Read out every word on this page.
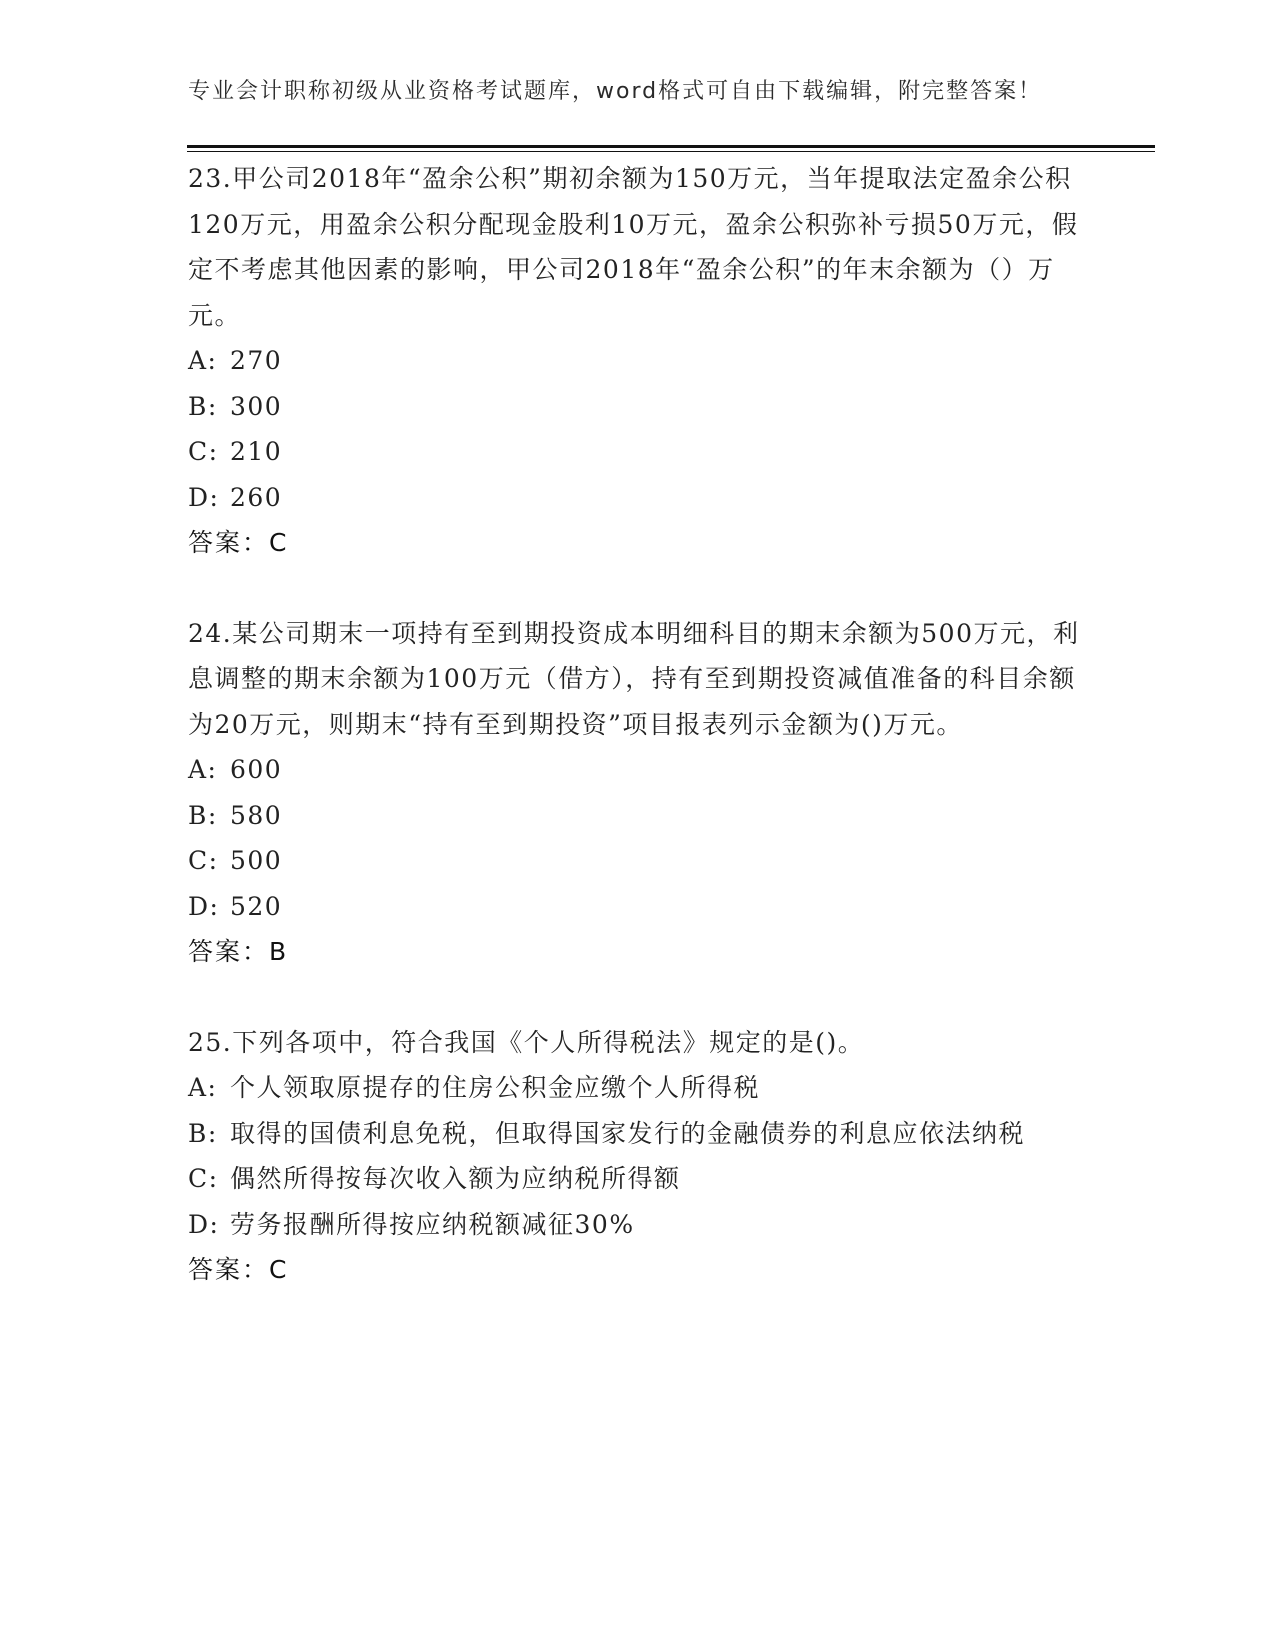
专业会计职称初级从业资格考试题库，word格式可自由下载编辑，附完整答案！

23.甲公司2018年“盈余公积”期初余额为150万元，当年提取法定盈余公积120万元，用盈余公积分配现金股利10万元，盈余公积弥补亏损50万元，假定不考虑其他因素的影响，甲公司2018年“盈余公积”的年末余额为（）万元。

A: 270

B: 300

C: 210

D: 260

答案：C

24.某公司期末一项持有至到期投资成本明细科目的期末余额为500万元，利息调整的期末余额为100万元（借方），持有至到期投资减值准备的科目余额为20万元，则期末“持有至到期投资”项目报表列示金额为()万元。

A: 600

B: 580

C: 500

D: 520

答案：B

25.下列各项中，符合我国《个人所得税法》规定的是()。

A: 个人领取原提存的住房公积金应缴个人所得税

B: 取得的国债利息免税，但取得国家发行的金融债券的利息应依法纳税

C: 偶然所得按每次收入额为应纳税所得额

D: 劳务报酬所得按应纳税额减征30%

答案：C
